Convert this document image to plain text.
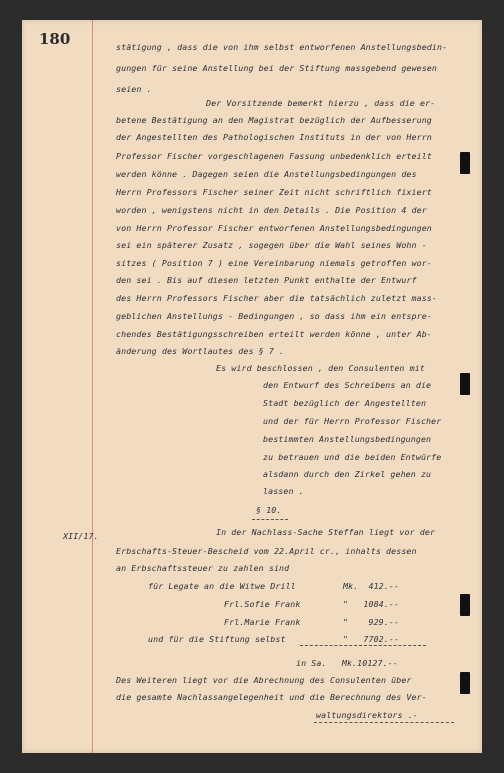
180	stätigung , dass die von ihm selbst entworfenen Anstellungsbedin-
gungen für seine Anstellung bei der Stiftung massgebend gewesen
seien .
Der Vorsitzende bemerkt hierzu , dass die er-
betene Bestätigung an den Magistrat bezüglich der Aufbesserung
der Angestellten des Pathologischen Instituts in der von Herrn
Professor Fischer vorgeschlagenen Fassung unbedenklich erteilt
werden könne . Dagegen seien die Anstellungsbedingungen des
Herrn Professors Fischer seiner Zeit nicht schriftlich fixiert
worden , wenigstens nicht in den Details . Die Position 4 der
von Herrn Professor Fischer entworfenen Anstellungsbedingungen
sei ein späterer Zusatz , sogegen über die Wahl seines Wohn -
sitzes ( Position 7 ) eine Vereinbarung niemals getroffen wor-
den sei . Bis auf diesen letzten Punkt enthalte der Entwurf
des Herrn Professors Fischer aber die tatsächlich zuletzt mass-
geblichen Anstellungs - Bedingungen , so dass ihm ein entspre-
chendes Bestätigungsschreiben erteilt werden könne , unter Ab-
änderung des Wortlautes des § 7 .
Es wird beschlossen , den Consulenten mit
den Entwurf des Schreibens an die
Stadt bezüglich der Angestellten
und der für Herrn Professor Fischer
bestimmten Anstellungsbedingungen
zu betrauen und die beiden Entwürfe
alsdann durch den Zirkel gehen zu
lassen .
§ 10.
XII/17.	In der Nachlass-Sache Steffan liegt vor der
Erbschafts-Steuer-Bescheid vom 22.April cr., inhalts dessen
an Erbschaftssteuer zu zahlen sind
für Legate an die Witwe Drill	Mk.  412.--
Frl.Sofie Frank	"   1084.--
Frl.Marie Frank	"    929.--
und für die Stiftung selbst	"   7702.--
in Sa.   Mk.10127.--
Des Weiteren liegt vor die Abrechnung des Consulenten über
die gesamte Nachlassangelegenheit und die Berechnung des Ver-
waltungsdirektors .-
